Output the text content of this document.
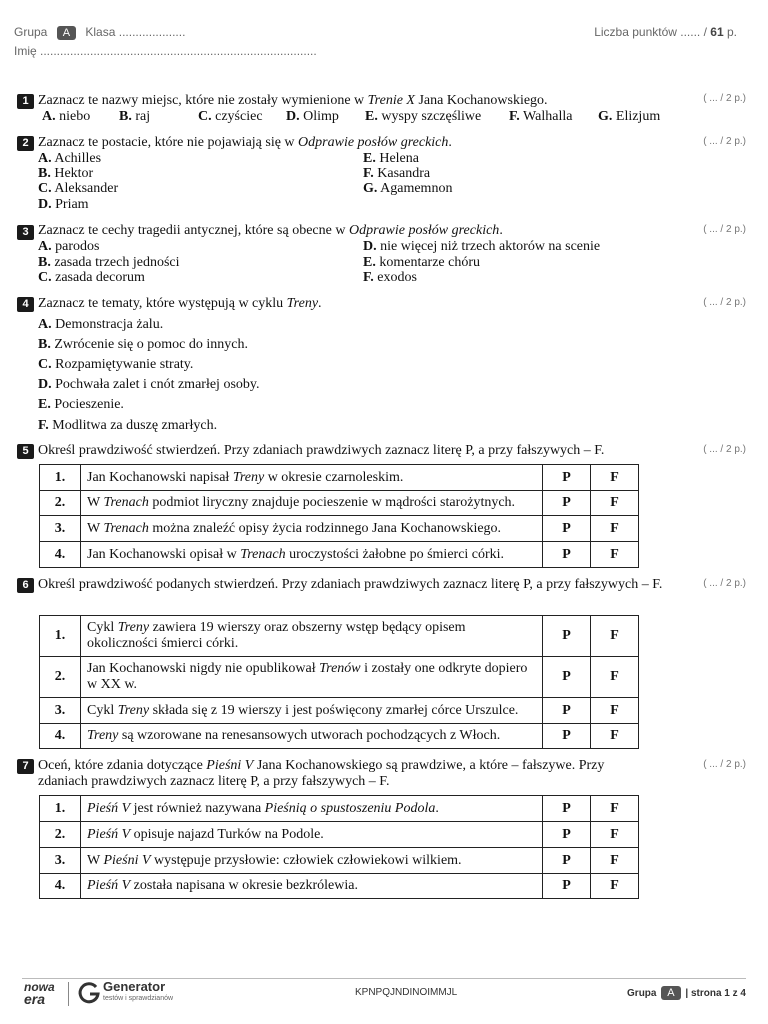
Grupa A Klasa ....................
Imię ...................................................................................
Liczba punktów ...... / 61 p.
1 Zaznacz te nazwy miejsc, które nie zostały wymienione w Trenie X Jana Kochanowskiego.	( ... / 2 p.)
A. niebo B. raj	C. czyściec D. Olimp E. wyspy szczęśliwe F. Walhalla G. Elizjum
2 Zaznacz te postacie, które nie pojawiają się w Odprawie posłów greckich.	( ... / 2 p.)
A. Achilles
B. Hektor
C. Aleksander
D. Priam
E. Helena
F. Kasandra
G. Agamemnon
3 Zaznacz te cechy tragedii antycznej, które są obecne w Odprawie posłów greckich.	( ... / 2 p.)
A. parodos
B. zasada trzech jedności
C. zasada decorum
D. nie więcej niż trzech aktorów na scenie
E. komentarze chóru
F. exodos
4 Zaznacz te tematy, które występują w cyklu Treny.	( ... / 2 p.)
A. Demonstracja żalu.
B. Zwrócenie się o pomoc do innych.
C. Rozpamiętywanie straty.
D. Pochwała zalet i cnót zmarłej osoby.
E. Pocieszenie.
F. Modlitwa za duszę zmarłych.
5 Określ prawdziwość stwierdzeń. Przy zdaniach prawdziwych zaznacz literę P, a przy fałszywych – F.	( ... / 2 p.)
1.	Jan Kochanowski napisał Treny w okresie czarnoleskim.	P	F
2.	W Trenach podmiot liryczny znajduje pocieszenie w mądrości starożytnych.	P	F
3.	W Trenach można znaleźć opisy życia rodzinnego Jana Kochanowskiego.	P	F
4.	Jan Kochanowski opisał w Trenach uroczystości żałobne po śmierci córki.	P	F
6 Określ prawdziwość podanych stwierdzeń. Przy zdaniach prawdziwych zaznacz literę P, a przy fałszywych – F.	( ... / 2 p.)
1.	Cykl Treny zawiera 19 wierszy oraz obszerny wstęp będący opisem okoliczności śmierci córki.	P	F
2.	Jan Kochanowski nigdy nie opublikował Trenów i zostały one odkryte dopiero w XX w.	P	F
3.	Cykl Treny składa się z 19 wierszy i jest poświęcony zmarłej córce Urszulce.	P	F
4.	Treny są wzorowane na renesansowych utworach pochodzących z Włoch.	P	F
7 Oceń, które zdania dotyczące Pieśni V Jana Kochanowskiego są prawdziwe, a które – fałszywe. Przy zdaniach prawdziwych zaznacz literę P, a przy fałszywych – F.
( ... / 2 p.)
1.	Pieśń V jest również nazywana Pieśnią o spustoszeniu Podola.	P	F
2.	Pieśń V opisuje najazd Turków na Podole.	P	F
3.	W Pieśni V występuje przysłowie: człowiek człowiekowi wilkiem.	P	F
4.	Pieśń V została napisana w okresie bezkrólewia.	P	F
nowa
era
Generator
testów i sprawdzianów
KPNPQJNDINOIMMJL	Grupa A | strona 1 z 4
